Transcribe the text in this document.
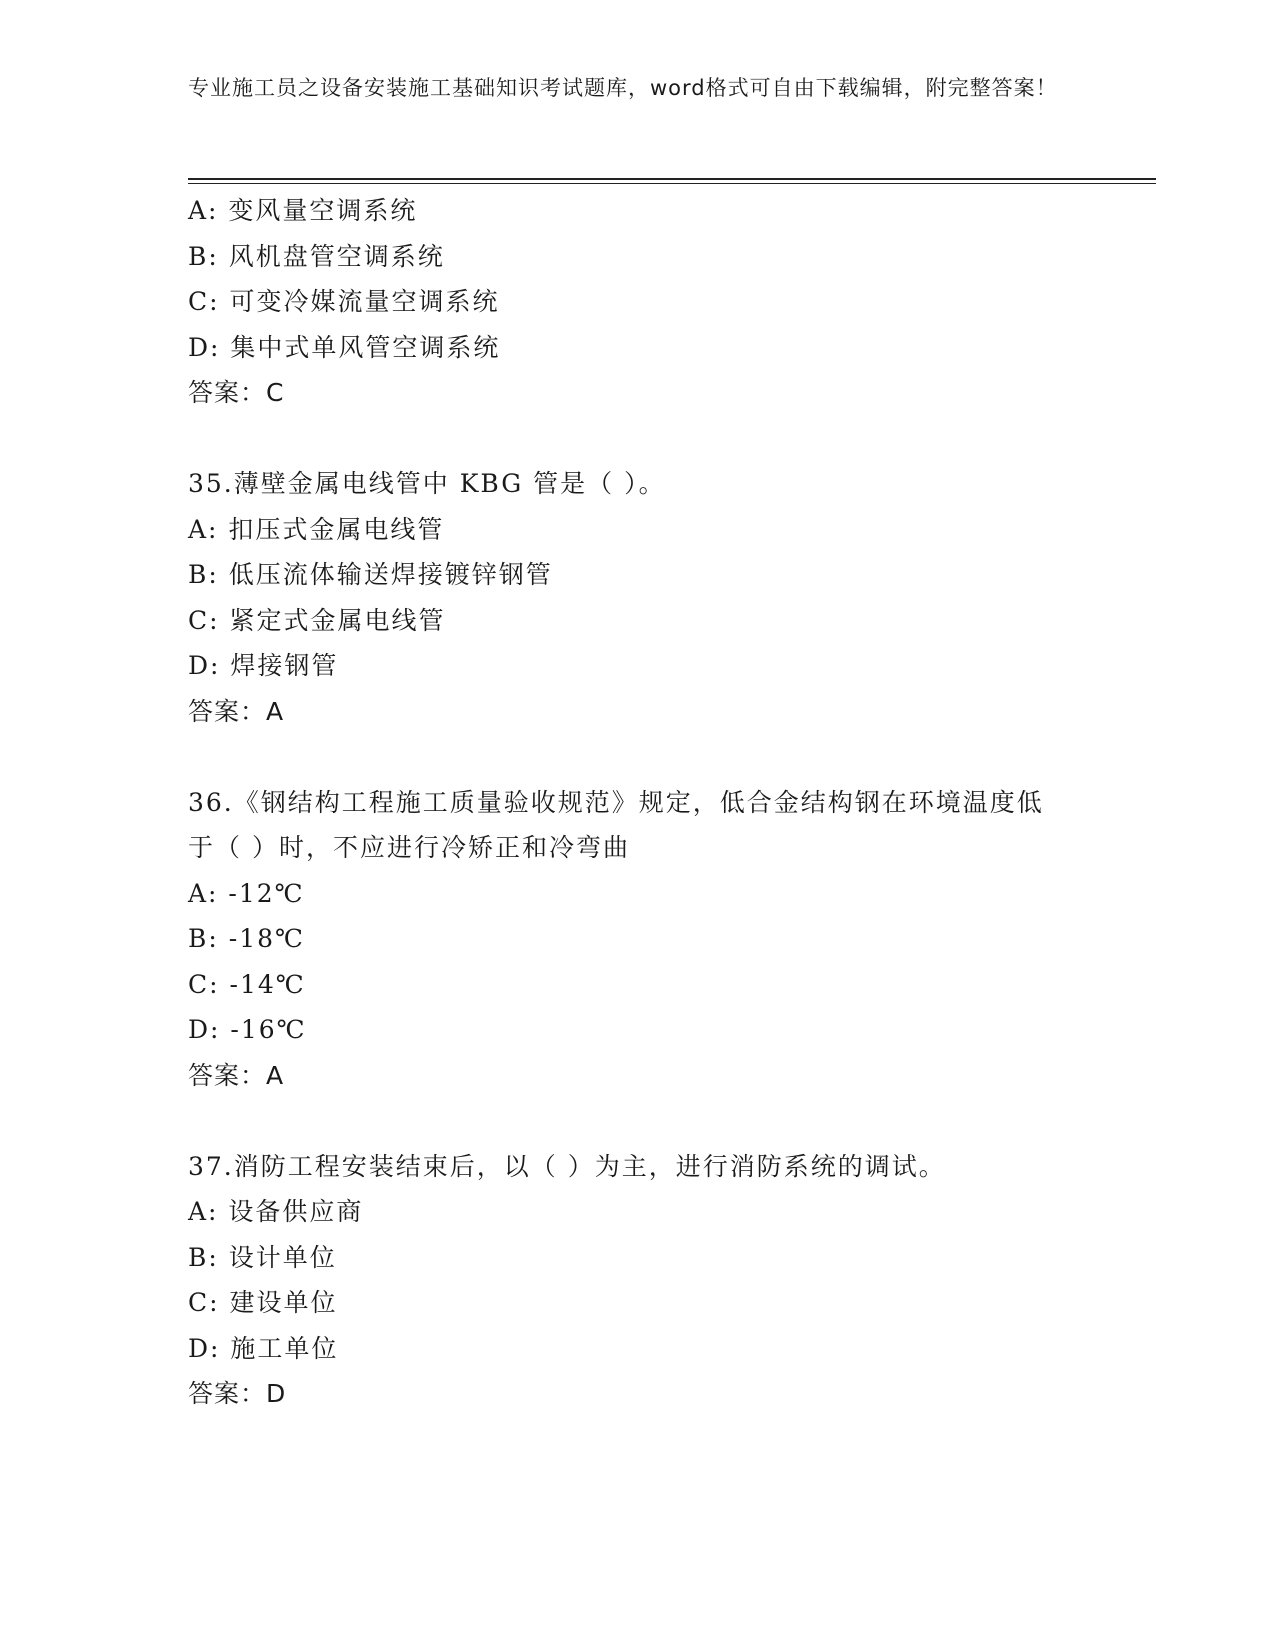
专业施工员之设备安装施工基础知识考试题库，word格式可自由下载编辑，附完整答案！
A: 变风量空调系统
B: 风机盘管空调系统
C: 可变冷媒流量空调系统
D: 集中式单风管空调系统
答案：C
35.薄壁金属电线管中 KBG 管是（ ）。
A: 扣压式金属电线管
B: 低压流体输送焊接镀锌钢管
C: 紧定式金属电线管
D: 焊接钢管
答案：A
36.《钢结构工程施工质量验收规范》规定，低合金结构钢在环境温度低于（ ）时，不应进行冷矫正和冷弯曲
A: -12℃
B: -18℃
C: -14℃
D: -16℃
答案：A
37.消防工程安装结束后，以（ ）为主，进行消防系统的调试。
A: 设备供应商
B: 设计单位
C: 建设单位
D: 施工单位
答案：D
